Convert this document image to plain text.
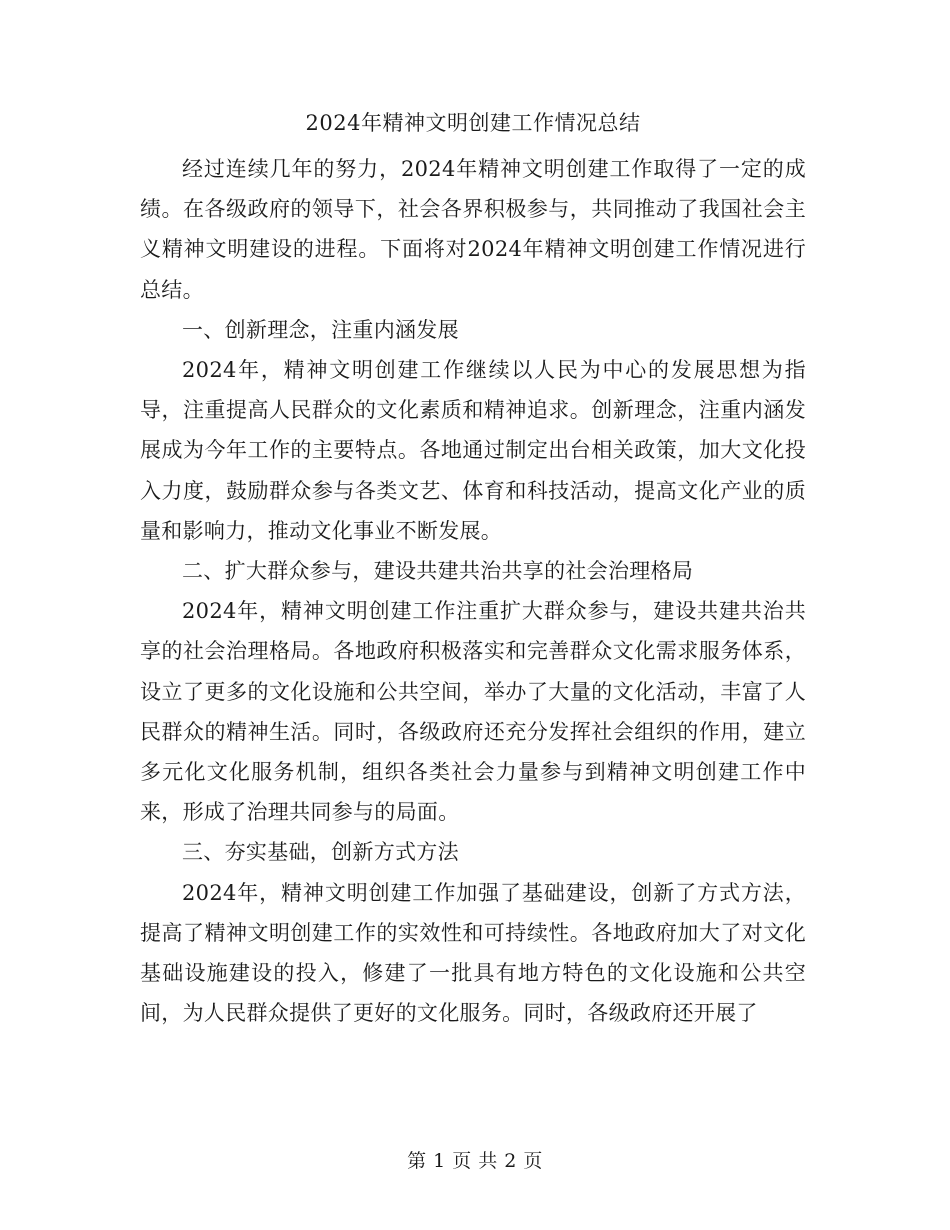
2024年精神文明创建工作情况总结

经过连续几年的努力，2024年精神文明创建工作取得了一定的成绩。在各级政府的领导下，社会各界积极参与，共同推动了我国社会主义精神文明建设的进程。下面将对2024年精神文明创建工作情况进行总结。

一、创新理念，注重内涵发展

2024年，精神文明创建工作继续以人民为中心的发展思想为指导，注重提高人民群众的文化素质和精神追求。创新理念，注重内涵发展成为今年工作的主要特点。各地通过制定出台相关政策，加大文化投入力度，鼓励群众参与各类文艺、体育和科技活动，提高文化产业的质量和影响力，推动文化事业不断发展。

二、扩大群众参与，建设共建共治共享的社会治理格局

2024年，精神文明创建工作注重扩大群众参与，建设共建共治共享的社会治理格局。各地政府积极落实和完善群众文化需求服务体系，设立了更多的文化设施和公共空间，举办了大量的文化活动，丰富了人民群众的精神生活。同时，各级政府还充分发挥社会组织的作用，建立多元化文化服务机制，组织各类社会力量参与到精神文明创建工作中来，形成了治理共同参与的局面。

三、夯实基础，创新方式方法

2024年，精神文明创建工作加强了基础建设，创新了方式方法，提高了精神文明创建工作的实效性和可持续性。各地政府加大了对文化基础设施建设的投入，修建了一批具有地方特色的文化设施和公共空间，为人民群众提供了更好的文化服务。同时，各级政府还开展了

第 1 页 共 2 页
